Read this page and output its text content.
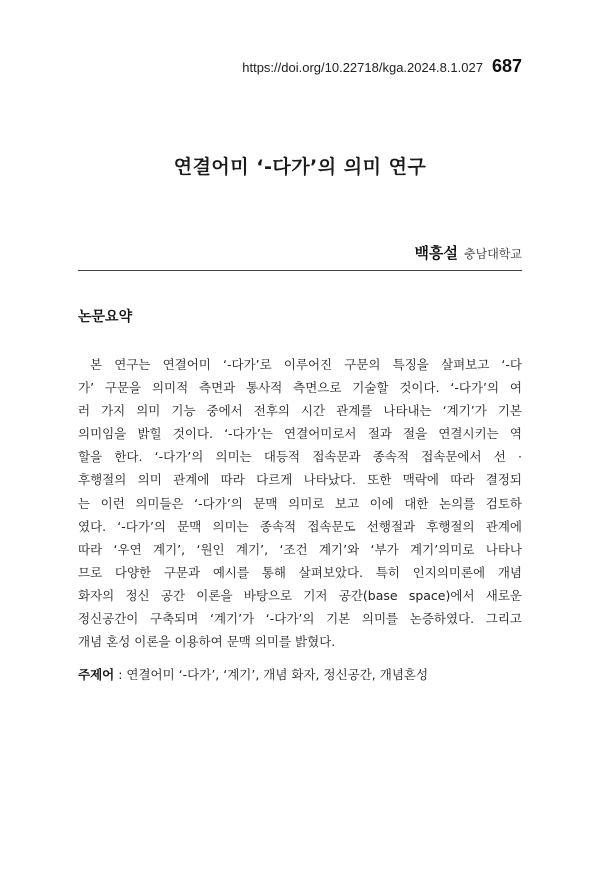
https://doi.org/10.22718/kga.2024.8.1.027 687
연결어미 ‘-다가’의 의미 연구
백흥설 충남대학교
논문요약

본 연구는 연결어미 ‘-다가’로 이루어진 구문의 특징을 살펴보고 ‘-다
가’ 구문을 의미적 측면과 통사적 측면으로 기술할 것이다. ‘-다가’의 여
러 가지 의미 기능 중에서 전후의 시간 관계를 나타내는 ‘계기’가 기본
의미임을 밝힐 것이다. ‘-다가’는 연결어미로서 절과 절을 연결시키는 역
할을 한다. ‘-다가’의 의미는 대등적 접속문과 종속적 접속문에서 선 ·
후행절의 의미 관계에 따라 다르게 나타났다. 또한 맥락에 따라 결정되
는 이런 의미들은 ‘-다가’의 문맥 의미로 보고 이에 대한 논의를 검토하
였다. ‘-다가’의 문맥 의미는 종속적 접속문도 선행절과 후행절의 관계에
따라 ‘우연 계기’, ‘원인 계기’, ‘조건 계기’와 ‘부가 계기’의미로 나타나
므로 다양한 구문과 예시를 통해 살펴보았다. 특히 인지의미론에 개념
화자의 정신 공간 이론을 바탕으로 기저 공간(base space)에서 새로운
정신공간이 구축되며 ‘계기’가 ‘-다가’의 기본 의미를 논증하였다. 그리고
개념 혼성 이론을 이용하여 문맥 의미를 밝혔다.

주제어 : 연결어미 ‘-다가’, ‘계기’, 개념 화자, 정신공간, 개념혼성
